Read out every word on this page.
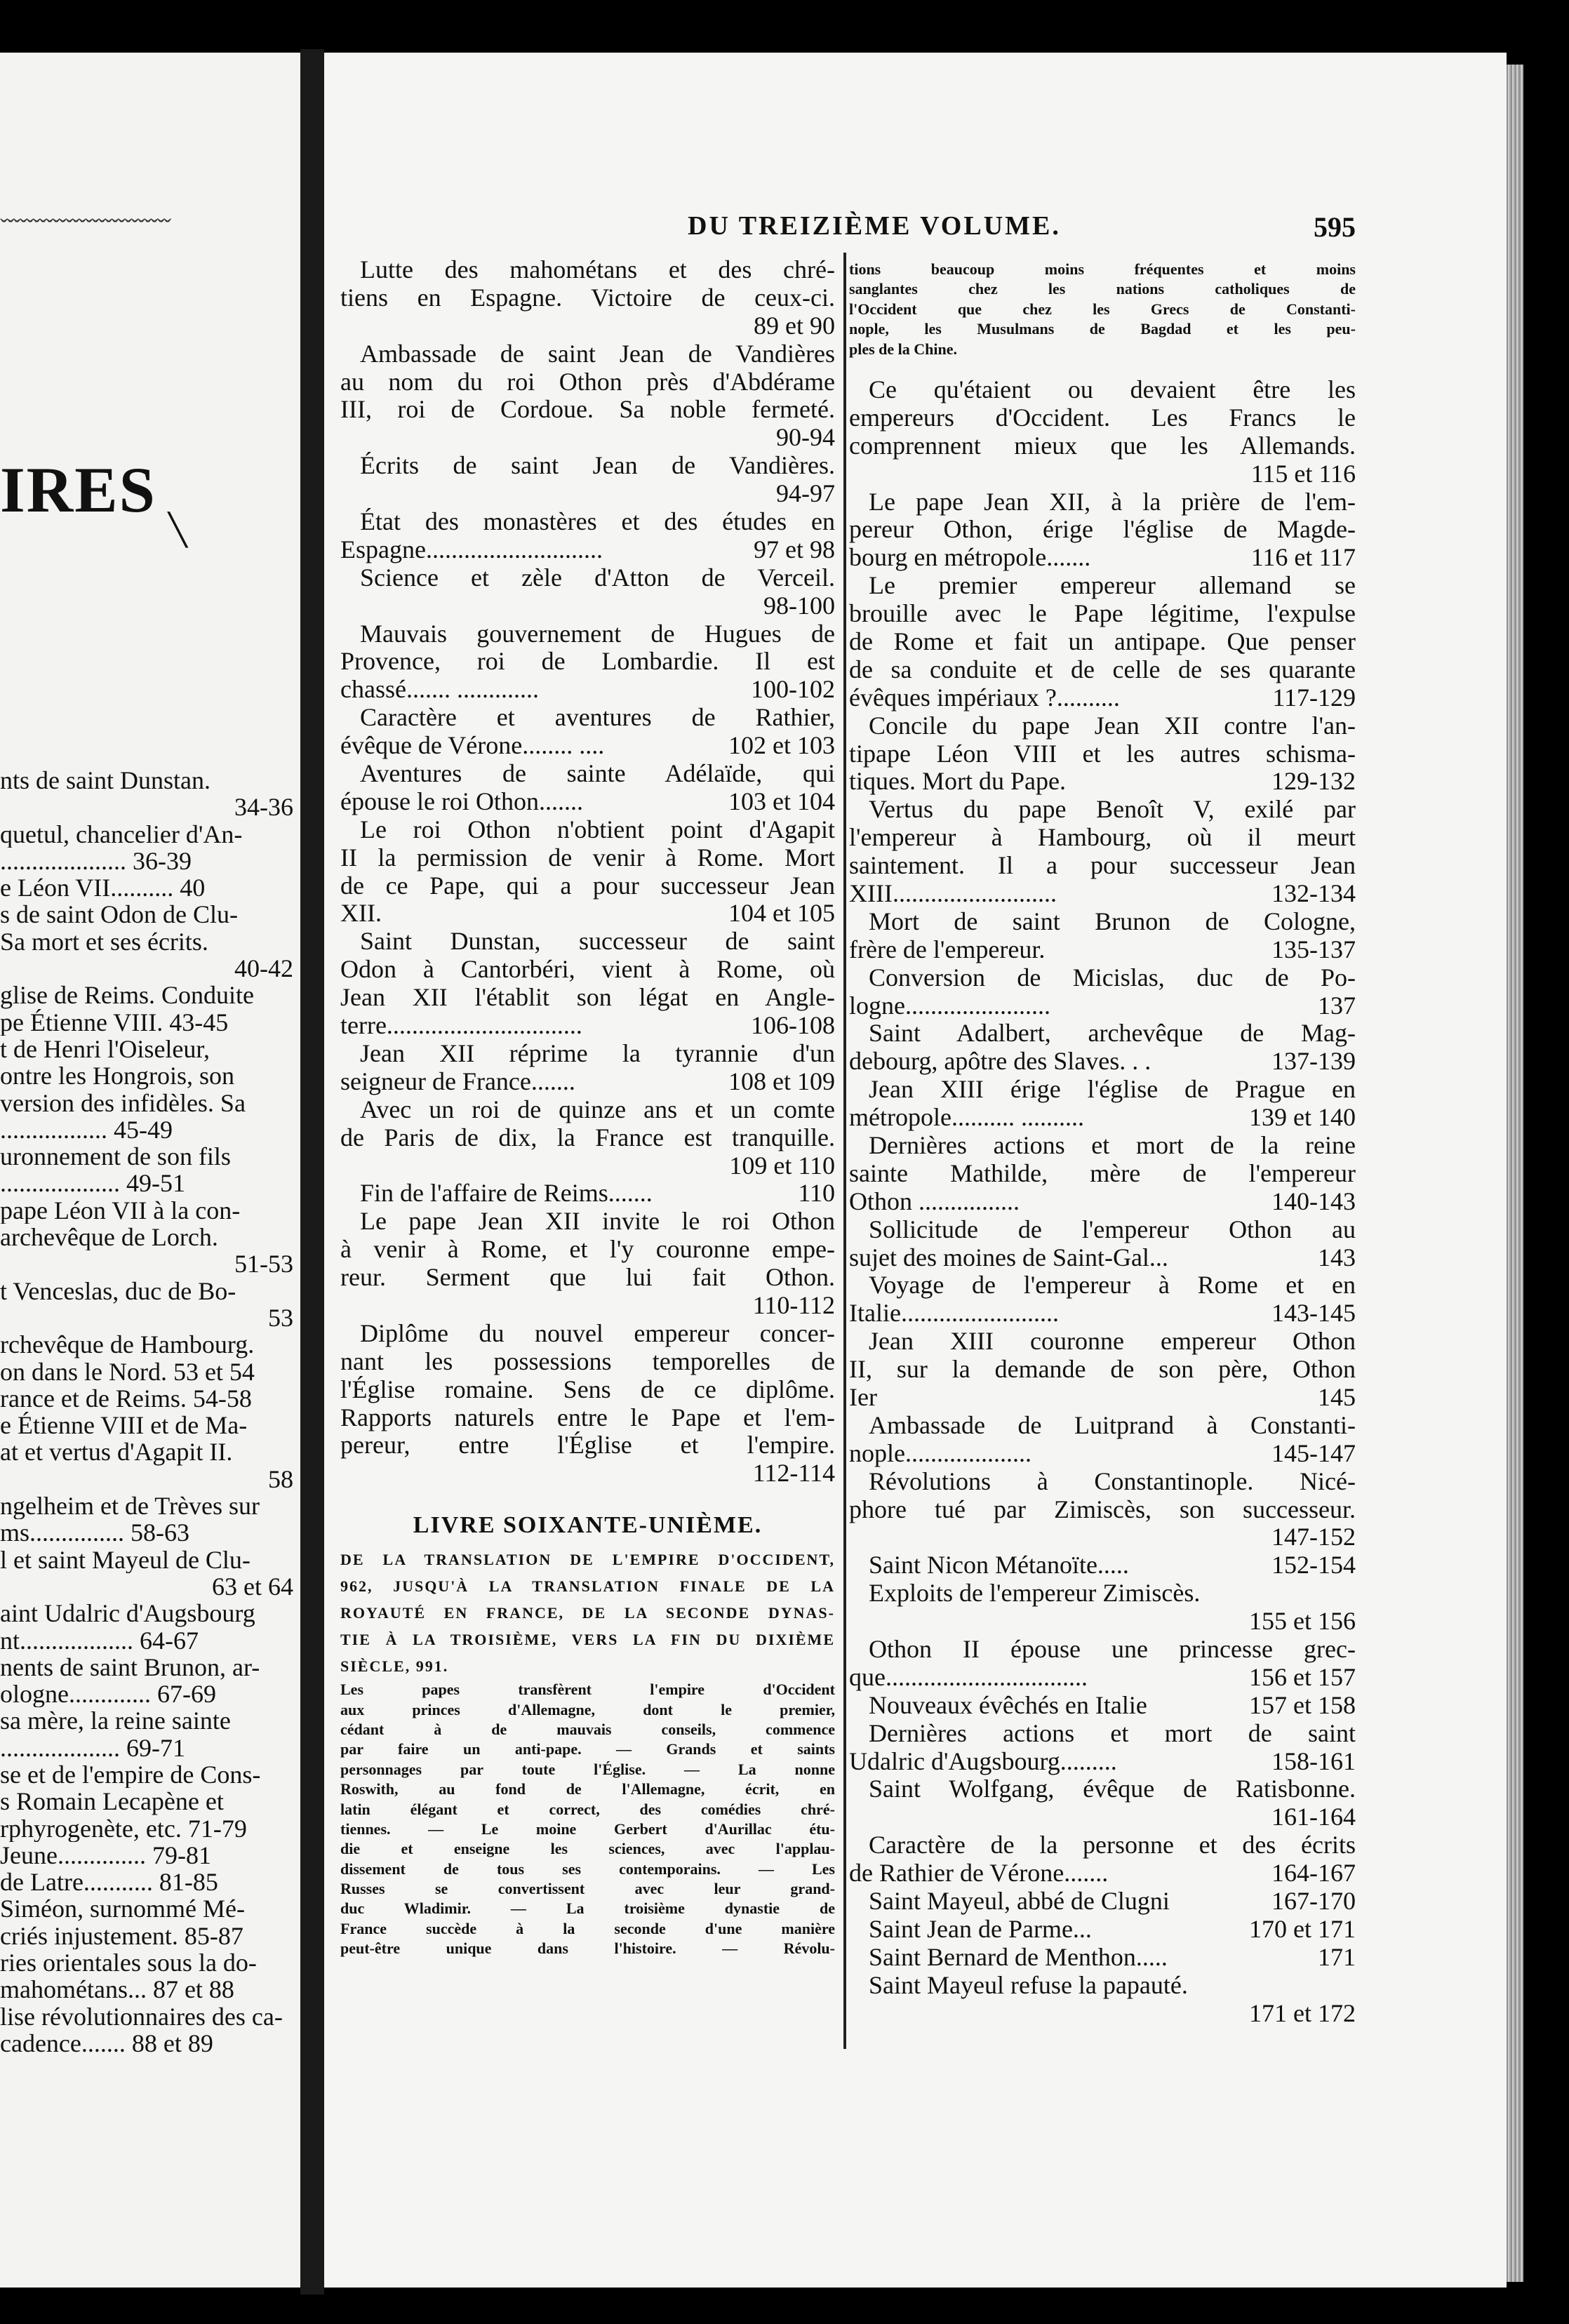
ˇˇˇˇˇˇˇˇˇˇˇˇˇˇˇˇˇˇˇˇˇˇˇˇˇˇ
IRES
╲
nts de saint Dunstan.
34-36
quetul, chancelier d'An-
.................... 36-39
e Léon VII.......... 40
s de saint Odon de Clu-
Sa mort et ses écrits.
40-42
glise de Reims. Conduite
pe Étienne VIII. 43-45
t de Henri l'Oiseleur,
ontre les Hongrois, son
version des infidèles. Sa
................. 45-49
uronnement de son fils
................... 49-51
pape Léon VII à la con-
archevêque de Lorch.
51-53
t Venceslas, duc de Bo-
53
rchevêque de Hambourg.
on dans le Nord. 53 et 54
rance et de Reims. 54-58
e Étienne VIII et de Ma-
at et vertus d'Agapit II.
58
ngelheim et de Trèves sur
ms............... 58-63
l et saint Mayeul de Clu-
63 et 64
aint Udalric d'Augsbourg
nt.................. 64-67
nents de saint Brunon, ar-
ologne............. 67-69
sa mère, la reine sainte
................... 69-71
se et de l'empire de Cons-
s Romain Lecapène et
rphyrogenète, etc. 71-79
Jeune.............. 79-81
de Latre........... 81-85
Siméon, surnommé Mé-
criés injustement. 85-87
ries orientales sous la do-
mahométans... 87 et 88
lise révolutionnaires des ca-
cadence....... 88 et 89
DU TREIZIÈME VOLUME.	595
Lutte des mahométans et des chré-
tiens en Espagne. Victoire de ceux-ci.
89 et 90
Ambassade de saint Jean de Vandières
au nom du roi Othon près d'Abdérame
III, roi de Cordoue. Sa noble fermeté.
90-94
Écrits de saint Jean de Vandières.
94-97
État des monastères et des études en
Espagne............................	97 et 98
Science et zèle d'Atton de Verceil.
98-100
Mauvais gouvernement de Hugues de
Provence, roi de Lombardie. Il est
chassé....... .............	100-102
Caractère et aventures de Rathier,
évêque de Vérone........ ....	102 et 103
Aventures de sainte Adélaïde, qui
épouse le roi Othon.......	103 et 104
Le roi Othon n'obtient point d'Agapit
II la permission de venir à Rome. Mort
de ce Pape, qui a pour successeur Jean
XII.	104 et 105
Saint Dunstan, successeur de saint
Odon à Cantorbéri, vient à Rome, où
Jean XII l'établit son légat en Angle-
terre...............................	106-108
Jean XII réprime la tyrannie d'un
seigneur de France.......	108 et 109
Avec un roi de quinze ans et un comte
de Paris de dix, la France est tranquille.
109 et 110
Fin de l'affaire de Reims.......	110
Le pape Jean XII invite le roi Othon
à venir à Rome, et l'y couronne empe-
reur. Serment que lui fait Othon.
110-112
Diplôme du nouvel empereur concer-
nant les possessions temporelles de
l'Église romaine. Sens de ce diplôme.
Rapports naturels entre le Pape et l'em-
pereur, entre l'Église et l'empire.
112-114
LIVRE SOIXANTE-UNIÈME.
DE LA TRANSLATION DE L'EMPIRE D'OCCIDENT,
962, JUSQU'À LA TRANSLATION FINALE DE LA
ROYAUTÉ EN FRANCE, DE LA SECONDE DYNAS-
TIE À LA TROISIÈME, VERS LA FIN DU DIXIÈME
SIÈCLE, 991.
Les papes transfèrent l'empire d'Occident
aux princes d'Allemagne, dont le premier,
cédant à de mauvais conseils, commence
par faire un anti-pape. — Grands et saints
personnages par toute l'Église. — La nonne
Roswith, au fond de l'Allemagne, écrit, en
latin élégant et correct, des comédies chré-
tiennes. — Le moine Gerbert d'Aurillac étu-
die et enseigne les sciences, avec l'applau-
dissement de tous ses contemporains. — Les
Russes se convertissent avec leur grand-
duc Wladimir. — La troisième dynastie de
France succède à la seconde d'une manière
peut-être unique dans l'histoire. — Révolu-
tions beaucoup moins fréquentes et moins
sanglantes chez les nations catholiques de
l'Occident que chez les Grecs de Constanti-
nople, les Musulmans de Bagdad et les peu-
ples de la Chine.
Ce qu'étaient ou devaient être les
empereurs d'Occident. Les Francs le
comprennent mieux que les Allemands.
115 et 116
Le pape Jean XII, à la prière de l'em-
pereur Othon, érige l'église de Magde-
bourg en métropole.......	116 et 117
Le premier empereur allemand se
brouille avec le Pape légitime, l'expulse
de Rome et fait un antipape. Que penser
de sa conduite et de celle de ses quarante
évêques impériaux ?..........	117-129
Concile du pape Jean XII contre l'an-
tipape Léon VIII et les autres schisma-
tiques. Mort du Pape.	129-132
Vertus du pape Benoît V, exilé par
l'empereur à Hambourg, où il meurt
saintement. Il a pour successeur Jean
XIII..........................	132-134
Mort de saint Brunon de Cologne,
frère de l'empereur.	135-137
Conversion de Micislas, duc de Po-
logne.......................	137
Saint Adalbert, archevêque de Mag-
debourg, apôtre des Slaves. . .	137-139
Jean XIII érige l'église de Prague en
métropole.......... ..........	139 et 140
Dernières actions et mort de la reine
sainte Mathilde, mère de l'empereur
Othon ................	140-143
Sollicitude de l'empereur Othon au
sujet des moines de Saint-Gal...	143
Voyage de l'empereur à Rome et en
Italie.........................	143-145
Jean XIII couronne empereur Othon
II, sur la demande de son père, Othon
Ier	145
Ambassade de Luitprand à Constanti-
nople....................	145-147
Révolutions à Constantinople. Nicé-
phore tué par Zimiscès, son successeur.
147-152
Saint Nicon Métanoïte.....	152-154
Exploits de l'empereur Zimiscès.
155 et 156
Othon II épouse une princesse grec-
que................................	156 et 157
Nouveaux évêchés en Italie	157 et 158
Dernières actions et mort de saint
Udalric d'Augsbourg.........	158-161
Saint Wolfgang, évêque de Ratisbonne.
161-164
Caractère de la personne et des écrits
de Rathier de Vérone.......	164-167
Saint Mayeul, abbé de Clugni	167-170
Saint Jean de Parme...	170 et 171
Saint Bernard de Menthon.....	171
Saint Mayeul refuse la papauté.
171 et 172
